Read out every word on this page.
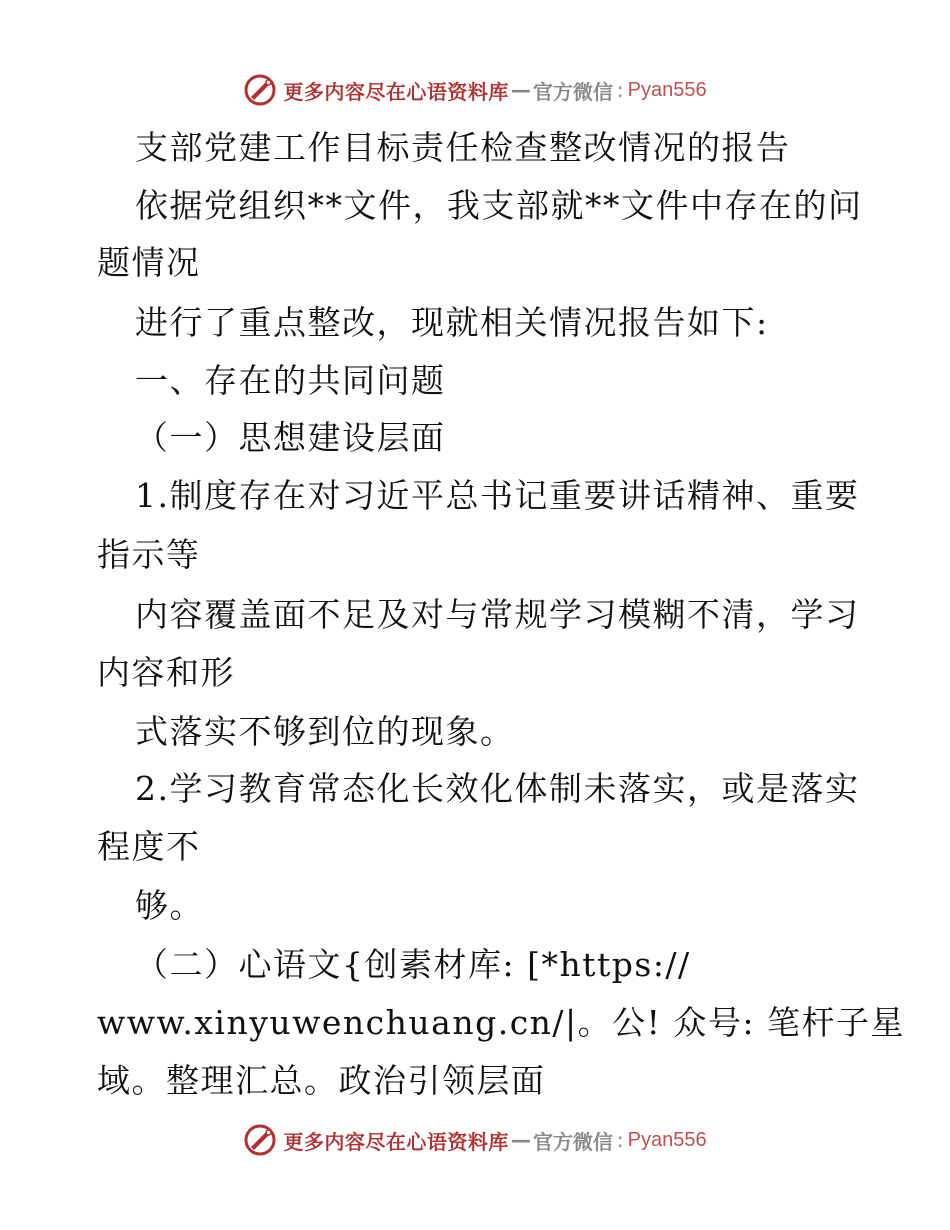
更多内容尽在心语资料库 — 官方微信 : Pyan556
支部党建工作目标责任检查整改情况的报告
依据党组织**文件，我支部就**文件中存在的问
题情况
进行了重点整改，现就相关情况报告如下:
一、存在的共同问题
（一）思想建设层面
1.制度存在对习近平总书记重要讲话精神、重要
指示等
内容覆盖面不足及对与常规学习模糊不清，学习
内容和形
式落实不够到位的现象。
2.学习教育常态化长效化体制未落实，或是落实
程度不
够。
（二）心语文{创素材库: [*https://
www.xinyuwenchuang.cn/|。公! 众号: 笔杆子星
域。整理汇总。政治引领层面
更多内容尽在心语资料库 — 官方微信 : Pyan556
